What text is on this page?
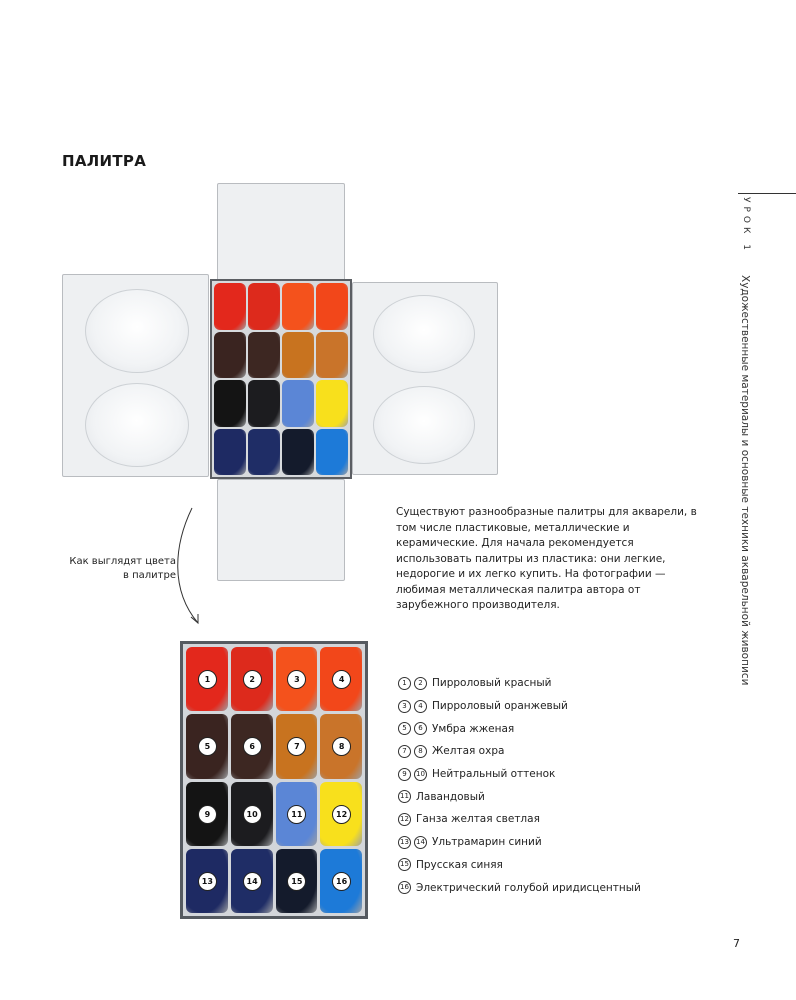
ПАЛИТРА
УРОК 1
Художественные материалы и основные техники акварельной живописи
Существуют разнообразные палитры для акварели, в том числе пластиковые, металлические и керамические. Для начала рекомендуется использовать палитры из пластика: они легкие, недорогие и их легко купить. На фотографии — любимая металлическая палитра автора от зарубежного производителя.
Как выглядят цвета в палитре
1	2	3	4
5	6	7	8
9	10	11	12
13	14	15	16
1	2 Пирроловый красный
3	4 Пирроловый оранжевый
5	6 Умбра жженая
7	8 Желтая охра
9	10 Нейтральный оттенок
11 Лавандовый
12 Ганза желтая светлая
13 14 Ультрамарин синий
15 Прусская синяя
16 Электрический голубой иридисцентный
7
